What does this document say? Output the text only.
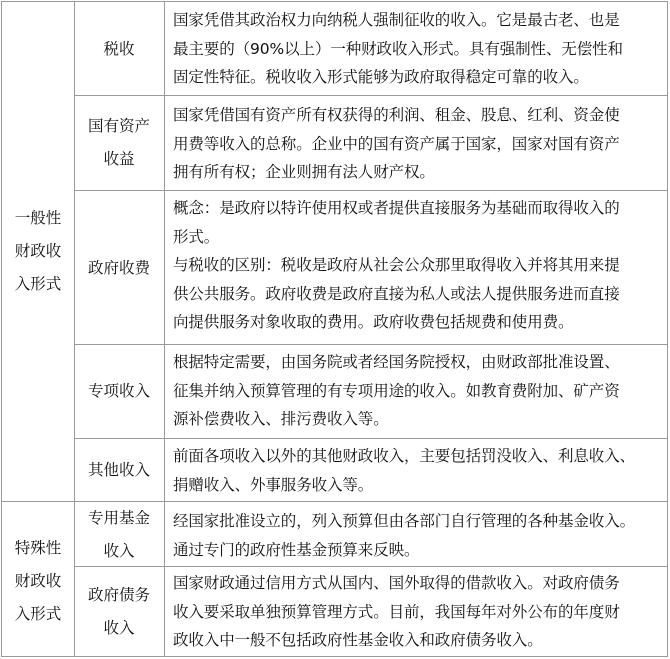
一般性
财政收
入形式
税收
国家凭借其政治权力向纳税人强制征收的收入。它是最古老、也是
最主要的（90%以上）一种财政收入形式。具有强制性、无偿性和
固定性特征。税收收入形式能够为政府取得稳定可靠的收入。
国有资产
收益
国家凭借国有资产所有权获得的利润、租金、股息、红利、资金使
用费等收入的总称。企业中的国有资产属于国家，国家对国有资产
拥有所有权；企业则拥有法人财产权。
政府收费
概念：是政府以特许使用权或者提供直接服务为基础而取得收入的
形式。
与税收的区别：税收是政府从社会公众那里取得收入并将其用来提
供公共服务。政府收费是政府直接为私人或法人提供服务进而直接
向提供服务对象收取的费用。政府收费包括规费和使用费。
专项收入
根据特定需要，由国务院或者经国务院授权，由财政部批准设置、
征集并纳入预算管理的有专项用途的收入。如教育费附加、矿产资
源补偿费收入、排污费收入等。
其他收入
前面各项收入以外的其他财政收入，主要包括罚没收入、利息收入、
捐赠收入、外事服务收入等。
特殊性
财政收
入形式
专用基金
收入
经国家批准设立的，列入预算但由各部门自行管理的各种基金收入。
通过专门的政府性基金预算来反映。
政府债务
收入
国家财政通过信用方式从国内、国外取得的借款收入。对政府债务
收入要采取单独预算管理方式。目前，我国每年对外公布的年度财
政收入中一般不包括政府性基金收入和政府债务收入。
